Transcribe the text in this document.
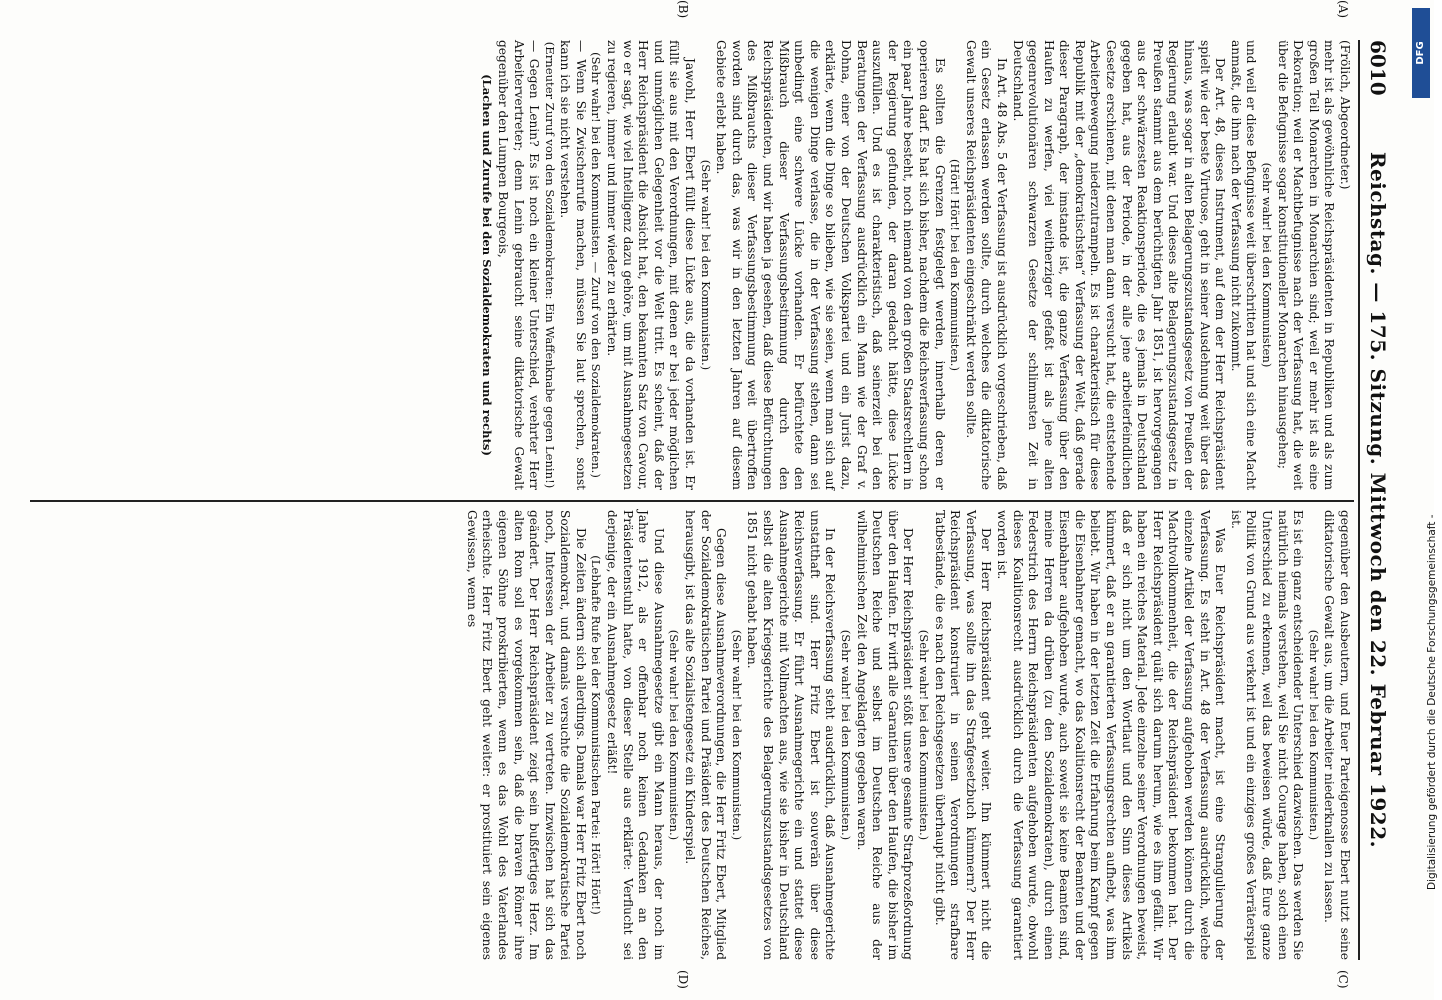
6010
Reichstag. — 175. Sitzung. Mittwoch den 22. Februar 1922.
(A)
(B)
(C)
(D)

(Frölich, Abgeordneter.)

mehr ist als gewöhnliche Reichspräsidenten in Republiken und als zum großen Teil Monarchen in Monarchien sind; weil er mehr ist als eine Dekoration; weil er Machtbefugnisse nach der Verfassung hat, die weit über die Befugnisse sogar konstitutioneller Monarchen hinausgehen;

(sehr wahr! bei den Kommunisten)

und weil er diese Befugnisse weit überschritten hat und sich eine Macht anmaßt, die ihm nach der Verfassung nicht zukommt.

Der Art. 48, dieses Instrument, auf dem der Herr Reichspräsident spielt wie der beste Virtuose, geht in seiner Ausdehnung weit über das hinaus, was sogar in alten Belagerungszustandsgesetz von Preußen der Regierung erlaubt war. Und dieses alte Belagerungszustandsgesetz in Preußen stammt aus dem berüchtigten Jahr 1851, ist hervorgegangen aus der schwärzesten Reaktionsperiode, die es jemals in Deutschland gegeben hat, aus der Periode, in der alle jene arbeiterfeindlichen Gesetze erschienen, mit denen man dann versucht hat, die entstehende Arbeiterbewegung niederzutrampeln. Es ist charakteristisch für diese Republik mit der „demokratischsten“ Verfassung der Welt, daß gerade dieser Paragraph, der imstande ist, die ganze Verfassung über den Haufen zu werfen, viel weitherziger gefaßt ist als jene alten gegenrevolutionären schwarzen Gesetze der schlimmsten Zeit in Deutschland.

In Art. 48 Abs. 5 der Verfassung ist ausdrücklich vorgeschrieben, daß ein Gesetz erlassen werden sollte, durch welches die diktatorische Gewalt unseres Reichspräsidenten eingeschränkt werden sollte.

(Hört! Hört! bei den Kommunisten.)

Es sollten die Grenzen festgelegt werden, innerhalb deren er operieren darf. Es hat sich bisher, nachdem die Reichsverfassung schon ein paar Jahre besteht, noch niemand von den großen Staatsrechtlern in der Regierung gefunden, der daran gedacht hätte, diese Lücke auszufüllen. Und es ist charakteristisch, daß seinerzeit bei den Beratungen der Verfassung ausdrücklich ein Mann wie der Graf v. Dohna, einer von der Deutschen Volkspartei und ein Jurist dazu, erklärte, wenn die Dinge so blieben, wie sie seien, wenn man sich auf die wenigen Dinge verlasse, die in der Verfassung stehen, dann sei unbedingt eine schwere Lücke vorhanden. Er befürchtete den Mißbrauch dieser Verfassungsbestimmung durch den Reichspräsidenten, und wir haben ja gesehen, daß diese Befürchtungen des Mißbrauchs dieser Verfassungsbestimmung weit übertroffen worden sind durch das, was wir in den letzten Jahren auf diesem Gebiete erlebt haben.

(Sehr wahr! bei den Kommunisten.)

Jawohl, Herr Ebert füllt diese Lücke aus, die da vorhanden ist. Er füllt sie aus mit den Verordnungen, mit denen er bei jeder möglichen und unmöglichen Gelegenheit vor die Welt tritt. Es scheint, daß der Herr Reichspräsident die Absicht hat, den bekannten Satz von Cavour, wo er sagt, wie viel Intelligenz dazu gehöre, um mit Ausnahmegesetzen zu regieren, immer und immer wieder zu erhärten.

(Sehr wahr! bei den Kommunisten. — Zuruf von den Sozialdemokraten.)

— Wenn Sie Zwischenrufe machen, müssen Sie laut sprechen, sonst kann ich sie nicht verstehen.

(Erneuter Zuruf von den Sozialdemokraten: Ein Waffenknabe gegen Lenin!)

— Gegen Lenin? Es ist noch ein kleiner Unterschied, verehrter Herr Arbeitervertreter; denn Lenin gebraucht seine diktatorische Gewalt gegenüber den Lumpen Bourgeois,

(Lachen und Zurufe bei den Sozialdemokraten und rechts)

gegenüber den Ausbeutern, und Euer Parteigenosse Ebert nutzt seine diktatorische Gewalt aus, um die Arbeiter niederknallen zu lassen.

(Sehr wahr! bei den Kommunisten.)

Es ist ein ganz entscheidender Unterschied dazwischen. Das werden Sie natürlich niemals verstehen, weil Sie nicht Courage haben, solch einen Unterschied zu erkennen, weil das beweisen würde, daß Eure ganze Politik von Grund aus verkehrt ist und ein einziges großes Verräterspiel ist.

Was Euer Reichspräsident macht, ist eine Strangulierung der Verfassung. Es steht in Art. 48 der Verfassung ausdrücklich, welche einzelne Artikel der Verfassung aufgehoben werden können durch die Machtvollkommenheit, die der Reichspräsident bekommen hat. Der Herr Reichspräsident quält sich darum herum, wie es ihm gefällt. Wir haben ein reiches Material. Jede einzelne seiner Verordnungen beweist, daß er sich nicht um den Wortlaut und den Sinn dieses Artikels kümmert, daß er an garantierten Verfassungsrechten aufhebt, was ihm beliebt. Wir haben in der letzten Zeit die Erfahrung beim Kampf gegen die Eisenbahner gemacht, wo das Koalitionsrecht der Beamten und der Eisenbahner aufgehoben wurde, auch soweit sie keine Beamten sind, meine Herren da drüben (zu den Sozialdemokraten), durch einen Federstrich des Herrn Reichspräsidenten aufgehoben wurde, obwohl dieses Koalitionsrecht ausdrücklich durch die Verfassung garantiert worden ist.

Der Herr Reichspräsident geht weiter. Ihn kümmert nicht die Verfassung, was sollte ihn das Strafgesetzbuch kümmern? Der Herr Reichspräsident konstruiert in seinen Verordnungen strafbare Tatbestände, die es nach den Reichsgesetzen überhaupt nicht gibt.

(Sehr wahr! bei den Kommunisten.)

Der Herr Reichspräsident stößt unsere gesamte Strafprozeßordnung über den Haufen. Er wirft alle Garantien über den Haufen, die bisher im Deutschen Reiche und selbst im Deutschen Reiche aus der wilhelminischen Zeit den Angeklagten gegeben waren.

(Sehr wahr! bei den Kommunisten.)

In der Reichsverfassung steht ausdrücklich, daß Ausnahmegerichte unstatthaft sind. Herr Fritz Ebert ist souverän über diese Reichsverfassung. Er führt Ausnahmegerichte ein und stattet diese Ausnahmegerichte mit Vollmachten aus, wie sie bisher in Deutschland selbst die alten Kriegsgerichte des Belagerungszustandsgesetzes von 1851 nicht gehabt haben.

(Sehr wahr! bei den Kommunisten.)

Gegen diese Ausnahmeverordnungen, die Herr Fritz Ebert, Mitglied der Sozialdemokratischen Partei und Präsident des Deutschen Reiches, herausgibt, ist das alte Sozialistengesetz ein Kinderspiel.

(Sehr wahr! bei den Kommunisten.)

Und diese Ausnahmegesetze gibt ein Mann heraus, der noch im Jahre 1912, als er offenbar noch keinen Gedanken an den Präsidentenstuhl hatte, von dieser Stelle aus erklärte: Verflucht sei derjenige, der ein Ausnahmegesetz erläßt!

(Lebhafte Rufe bei der Kommunistischen Partei: Hört! Hört!)

Die Zeiten ändern sich allerdings. Damals war Herr Fritz Ebert noch Sozialdemokrat, und damals versuchte die Sozialdemokratische Partei noch, Interessen der Arbeiter zu vertreten. Inzwischen hat sich das geändert. Der Herr Reichspräsident zeigt sein bußfertiges Herz. Im alten Rom soll es vorgekommen sein, daß die braven Römer ihre eigenen Söhne proskribierten, wenn es das Wohl des Vaterlandes erheischte. Herr Fritz Ebert geht weiter: er prostituiert sein eigenes Gewissen, wenn es	Digitalisierung gefördert durch die Deutsche Forschungsgemeinschaft -
DFG
